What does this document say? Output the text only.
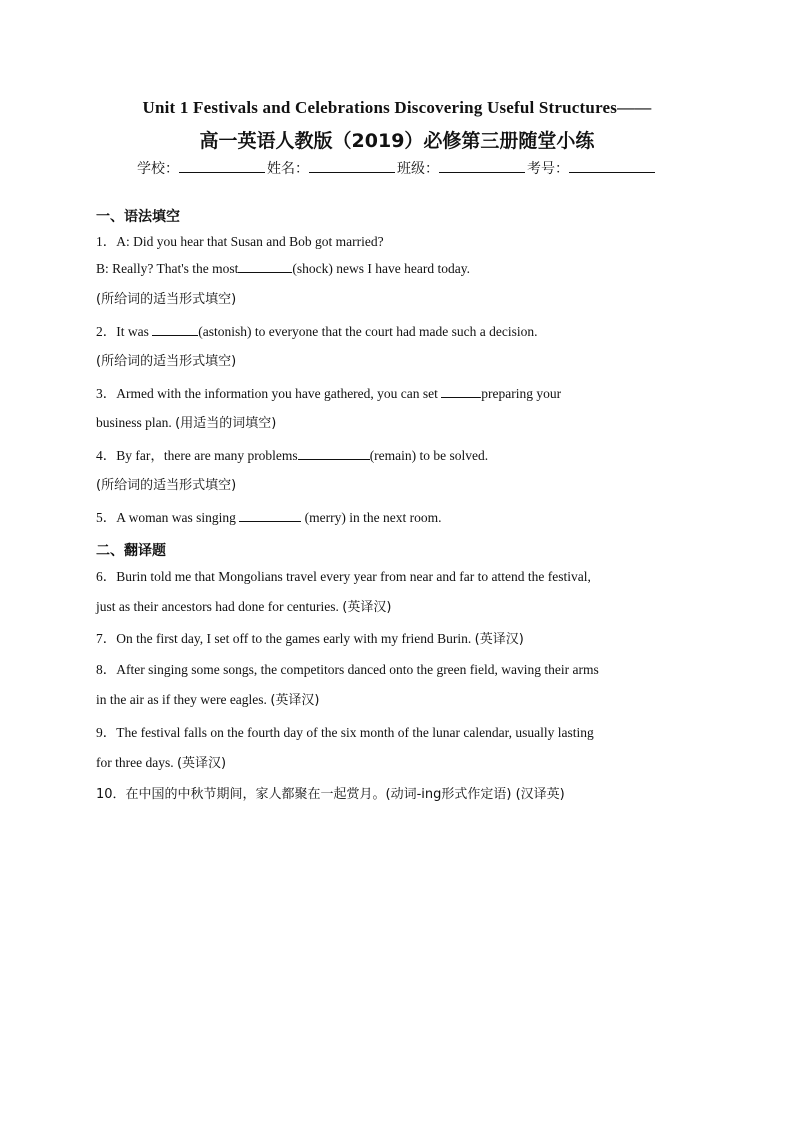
Unit 1 Festivals and Celebrations Discovering Useful Structures——
高一英语人教版（2019）必修第三册随堂小练
学校：	姓名：	班级：	考号：
一、语法填空
1．A: Did you hear that Susan and Bob got married?
B: Really? That's the most	(shock) news I have heard today.
(所给词的适当形式填空)
2．It was	(astonish) to everyone that the court had made such a decision.
(所给词的适当形式填空)
3．Armed with the information you have gathered, you can set	preparing your
business plan. (用适当的词填空)
4．By far，there are many problems	(remain) to be solved.
(所给词的适当形式填空)
5．A woman was singing	(merry) in the next room.
二、翻译题
6．Burin told me that Mongolians travel every year from near and far to attend the festival,
just as their ancestors had done for centuries. (英译汉)
7．On the first day, I set off to the games early with my friend Burin. (英译汉)
8．After singing some songs, the competitors danced onto the green field, waving their arms
in the air as if they were eagles. (英译汉)
9．The festival falls on the fourth day of the six month of the lunar calendar, usually lasting
for three days. (英译汉)
10．在中国的中秋节期间，家人都聚在一起赏月。(动词-ing形式作定语) (汉译英)
